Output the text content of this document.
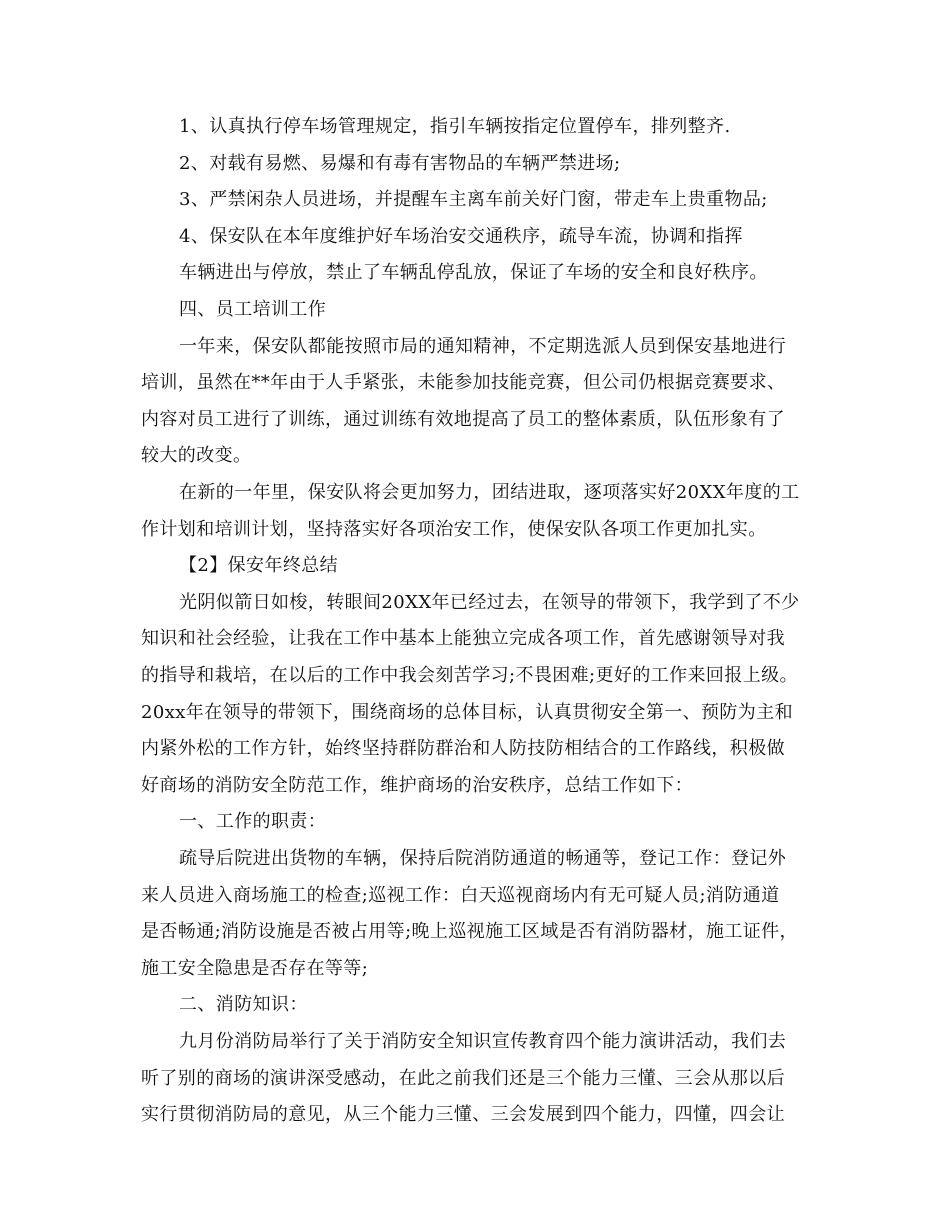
1、认真执行停车场管理规定，指引车辆按指定位置停车，排列整齐.
2、对载有易燃、易爆和有毒有害物品的车辆严禁进场;
3、严禁闲杂人员进场，并提醒车主离车前关好门窗，带走车上贵重物品;
4、保安队在本年度维护好车场治安交通秩序，疏导车流，协调和指挥
车辆进出与停放，禁止了车辆乱停乱放，保证了车场的安全和良好秩序。
四、员工培训工作
一年来，保安队都能按照市局的通知精神，不定期选派人员到保安基地进行
培训，虽然在**年由于人手紧张，未能参加技能竞赛，但公司仍根据竞赛要求、
内容对员工进行了训练，通过训练有效地提高了员工的整体素质，队伍形象有了
较大的改变。
在新的一年里，保安队将会更加努力，团结进取，逐项落实好20XX年度的工
作计划和培训计划，坚持落实好各项治安工作，使保安队各项工作更加扎实。
【2】保安年终总结
光阴似箭日如梭，转眼间20XX年已经过去，在领导的带领下，我学到了不少
知识和社会经验，让我在工作中基本上能独立完成各项工作，首先感谢领导对我
的指导和栽培，在以后的工作中我会刻苦学习;不畏困难;更好的工作来回报上级。
20xx年在领导的带领下，围绕商场的总体目标，认真贯彻安全第一、预防为主和
内紧外松的工作方针，始终坚持群防群治和人防技防相结合的工作路线，积极做
好商场的消防安全防范工作，维护商场的治安秩序，总结工作如下：
一、工作的职责：
疏导后院进出货物的车辆，保持后院消防通道的畅通等，登记工作：登记外
来人员进入商场施工的检查;巡视工作：白天巡视商场内有无可疑人员;消防通道
是否畅通;消防设施是否被占用等;晚上巡视施工区域是否有消防器材，施工证件，
施工安全隐患是否存在等等;
二、消防知识：
九月份消防局举行了关于消防安全知识宣传教育四个能力演讲活动，我们去
听了别的商场的演讲深受感动，在此之前我们还是三个能力三懂、三会从那以后
实行贯彻消防局的意见，从三个能力三懂、三会发展到四个能力，四懂，四会让
